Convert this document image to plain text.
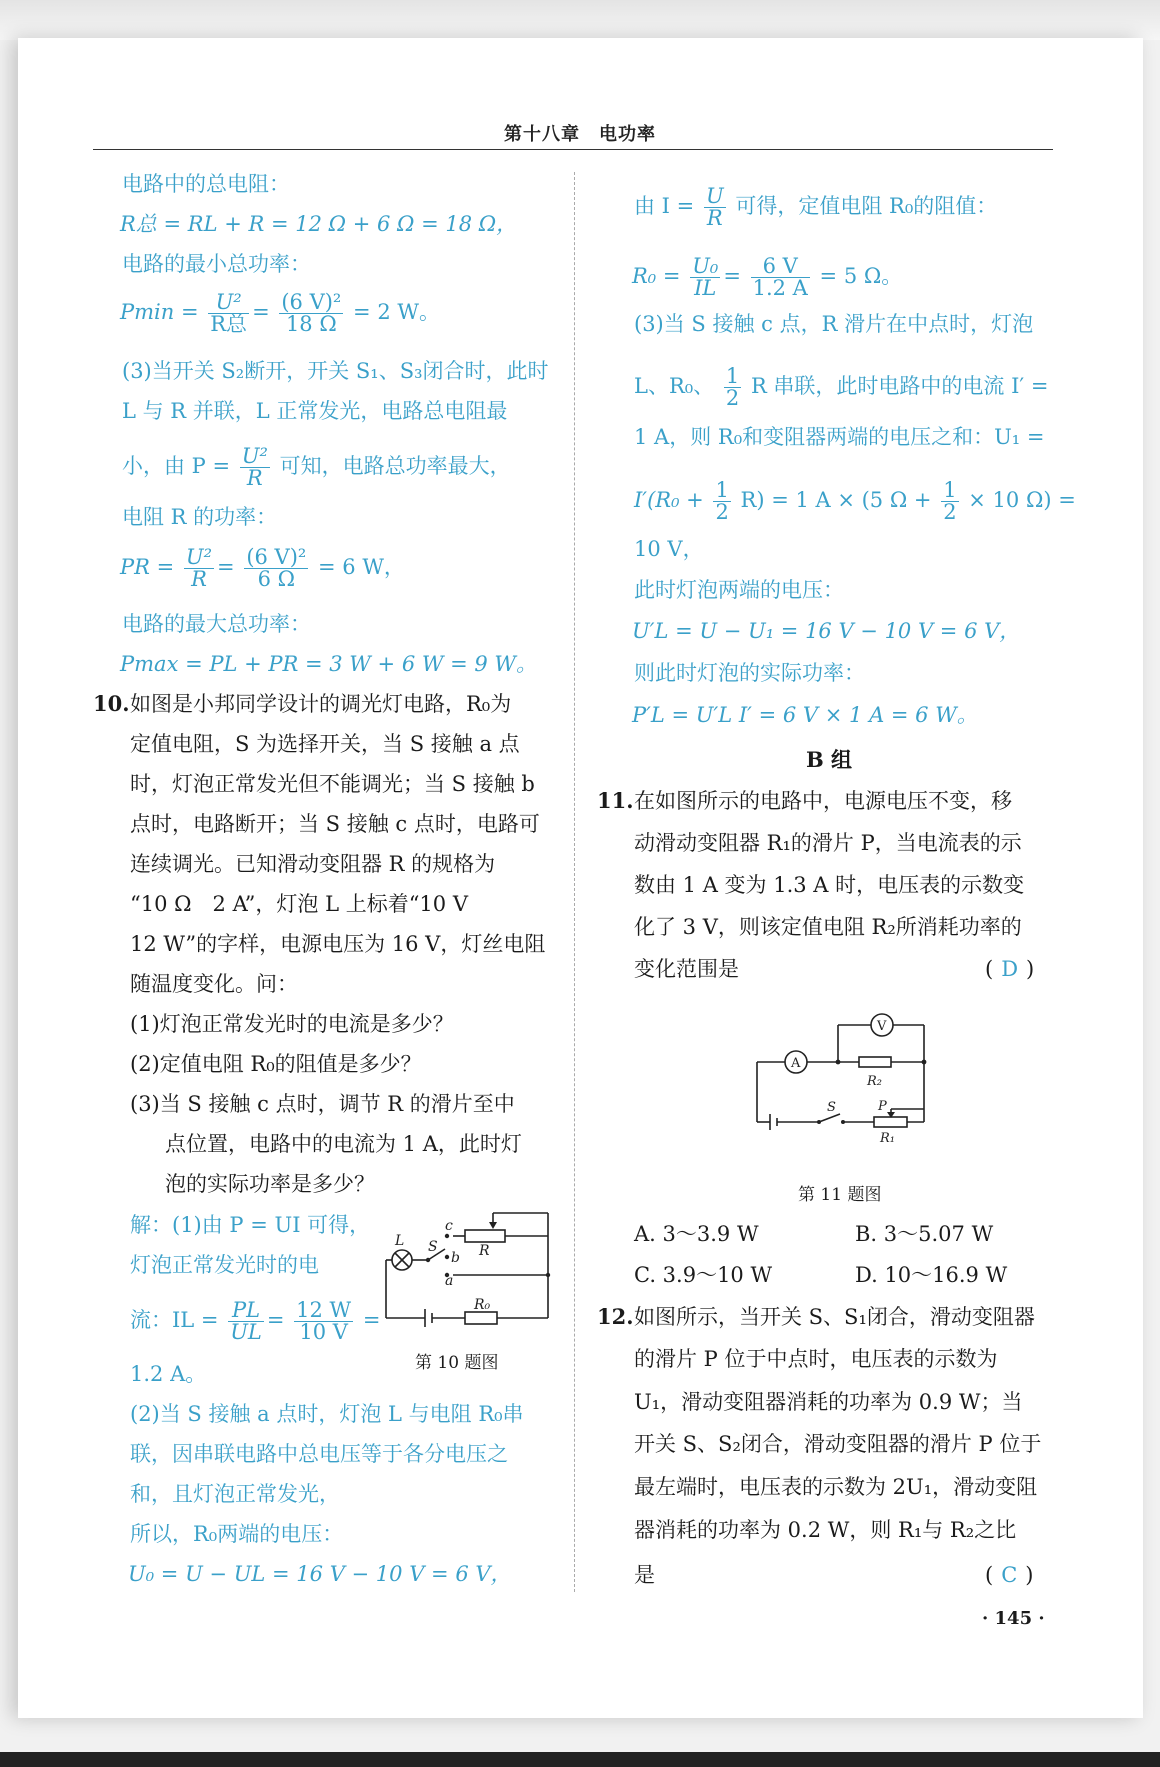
第十八章　电功率
电路中的总电阻：
R总 = RL + R = 12 Ω + 6 Ω = 18 Ω，
电路的最小总功率：
$Pmin = \frac{\text{U²}}{\text{R总}} = \frac{\text{(6 V)²}}{18 \Omega} = 2$ W。
(3)当开关 S₂断开，开关 S₁、S₃闭合时，此时
L 与 R 并联，L 正常发光，电路总电阻最
小，由 $P = \frac{\text{U²}}{R}$ 可知，电路总功率最大，
电阻 R 的功率：
PR = $\frac{\text{U²}}{R} = \frac{\text{(6 V)²}}{6 \Omega} = 6$ W，
电路的最大总功率：
Pmax = PL + PR = 3 W + 6 W = 9 W。
10. 如图是小邦同学设计的调光灯电路，R₀为
定值电阻，S 为选择开关，当 S 接触 a 点
时，灯泡正常发光但不能调光；当 S 接触 b
点时，电路断开；当 S 接触 c 点时，电路可
连续调光。已知滑动变阻器 R 的规格为
“10 Ω　2 A”，灯泡 L 上标着“10 V
12 W”的字样，电源电压为 16 V，灯丝电阻
随温度变化。问：
(1)灯泡正常发光时的电流是多少？
(2)定值电阻 R₀的阻值是多少？
(3)当 S 接触 c 点时，调节 R 的滑片至中
点位置，电路中的电流为 1 A，此时灯
泡的实际功率是多少？
解：(1)由 P = UI 可得，
灯泡正常发光时的电
流：IL = $\frac{PL}{UL} = \frac{12 W}{10 V}$ =
1.2 A。
(2)当 S 接触 a 点时，灯泡 L 与电阻 R₀串
联，因串联电路中总电压等于各分电压之
和，且灯泡正常发光，
所以，R₀两端的电压：
U₀ = U − UL = 16 V − 10 V = 6 V，
L S
c
b
a
R
R₀
第 10 题图
由 $I = \frac{U}{R}$ 可得，定值电阻 R₀的阻值：
$R_0 = \frac{\text{U₀}}{IL} = \frac{6 V}{1.2 A} = 5$ Ω。
(3)当 S 接触 c 点，R 滑片在中点时，灯泡
L、R₀、 $\frac{1}{2}$ R 串联，此时电路中的电流 I′ =
1 A，则 R₀和变阻器两端的电压之和：U₁ =
$I'(R_0 + \frac{1}{2} R) = 1$ A × (5 $\Omega + \frac{1}{2} \times 10$ Ω) =
10 V，
此时灯泡两端的电压：
U′L = U − U₁ = 16 V − 10 V = 6 V，
则此时灯泡的实际功率：
P′L = U′L I′ = 6 V × 1 A = 6 W。
B 组
11. 在如图所示的电路中，电源电压不变，移
动滑动变阻器 R₁的滑片 P，当电流表的示
数由 1 A 变为 1.3 A 时，电压表的示数变
化了 3 V，则该定值电阻 R₂所消耗功率的
变化范围是	( D )
A
V
R₂
R₁
S	P
第 11 题图
A. 3～3.9 W	B. 3～5.07 W
C. 3.9～10 W	D. 10～16.9 W
12. 如图所示，当开关 S、S₁闭合，滑动变阻器
的滑片 P 位于中点时，电压表的示数为
U₁，滑动变阻器消耗的功率为 0.9 W；当
开关 S、S₂闭合，滑动变阻器的滑片 P 位于
最左端时，电压表的示数为 2U₁，滑动变阻
器消耗的功率为 0.2 W，则 R₁与 R₂之比
是	( C )
· 145 ·
